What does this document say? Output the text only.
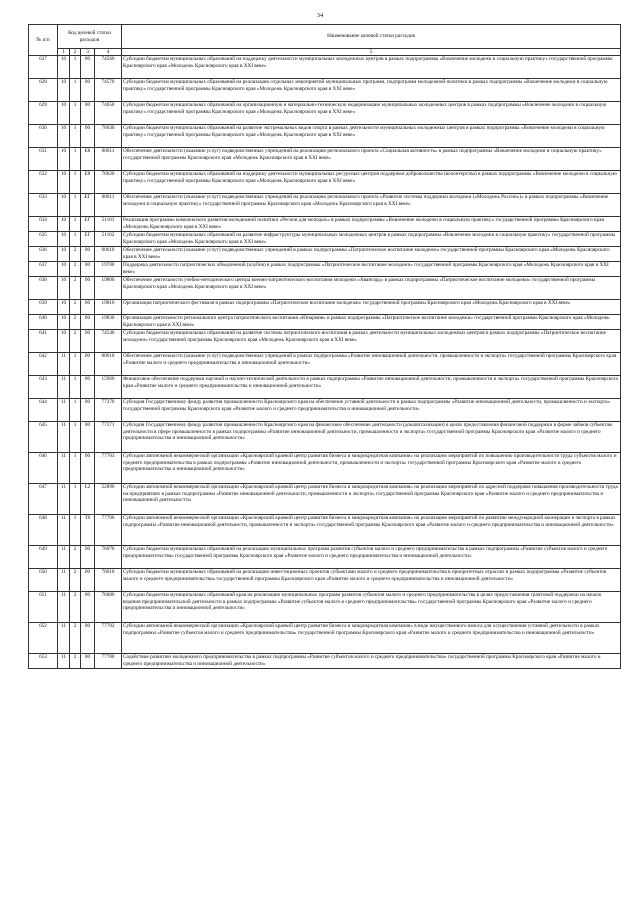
34
№ п/п	Код целевой статьи расходов				Наименование целевой статьи расходов
	1	2	3	4	5
627	10	1	00	74560	Субсидии бюджетам муниципальных образований на поддержку деятельности муниципальных молодежных центров в рамках подпрограммы «Вовлечение молодежи в социальную практику» государственной программы Красноярского края «Молодежь Красноярского края в XXI веке»
628	10	1	00	74570	Субсидии бюджетам муниципальных образований на реализацию отдельных мероприятий муниципальных программ, подпрограмм молодежной политики в рамках подпрограммы «Вовлечение молодежи в социальную практику» государственной программы Красноярского края «Молодежь Красноярского края в XXI веке»
629	10	1	00	74650	Субсидии бюджетам муниципальных образований на организационную и материально-техническую модернизацию муниципальных молодежных центров в рамках подпрограммы «Вовлечение молодежи в социальную практику» государственной программы Красноярского края «Молодежь Красноярского края в XXI веке»
630	10	1	00	76630	Субсидии бюджетам муниципальных образований на развитие экстремальных видов спорта в рамках деятельности муниципальных молодежных центров в рамках подпрограммы «Вовлечение молодежи в социальную практику» государственной программы Красноярского края «Молодежь Красноярского края в XXI веке»
631	10	1	E8	00611	Обеспечение деятельности (оказание услуг) подведомственных учреждений на реализацию регионального проекта «Социальная активность» в рамках подпрограммы «Вовлечение молодежи в социальную практику» государственной программы Красноярского края «Молодежь Красноярского края в XXI веке»
632	10	1	E8	76620	Субсидии бюджетам муниципальных образований на поддержку деятельности муниципальных ресурсных центров поддержки добровольчества (волонтерства) в рамках подпрограммы «Вовлечение молодежи в социальную практику» государственной программы Красноярского края «Молодежь Красноярского края в XXI веке»
633	10	1	EГ	00611	Обеспечение деятельности (оказание услуг) подведомственных учреждений на реализацию регионального проекта «Развитие системы поддержки молодежи («Молодежь России»)» в рамках подпрограммы «Вовлечение молодежи в социальную практику» государственной программы Красноярского края «Молодежь Красноярского края в XXI веке»
634	10	1	EГ	51161	Реализация программы комплексного развития молодежной политики «Регион для молодых» в рамках подпрограммы «Вовлечение молодежи в социальную практику» государственной программы Красноярского края «Молодежь Красноярского края в XXI веке»
635	10	1	EГ	51162	Субсидии бюджетам муниципальных образований на развитие инфраструктуры муниципальных молодежных центров в рамках подпрограммы «Вовлечение молодежи в социальную практику» государственной программы Красноярского края «Молодежь Красноярского края в XXI веке»
636	10	2	00	00610	Обеспечение деятельности (оказание услуг) подведомственных учреждений в рамках подпрограммы «Патриотическое воспитание молодежи» государственной программы Красноярского края «Молодежь Красноярского края в XXI веке»
637	10	2	00	19700	Поддержка деятельности патриотических объединений (клубов) в рамках подпрограммы «Патриотическое воспитание молодежи» государственной программы Красноярского края «Молодежь Красноярского края в XXI веке»
638	10	2	00	19800	Обеспечение деятельности учебно-методического центра военно-патриотического воспитания молодежи «Авангард» в рамках подпрограммы «Патриотическое воспитание молодежи» государственной программы Красноярского края «Молодежь Красноярского края в XXI веке»
639	10	2	00	19810	Организация патриотического фестиваля в рамках подпрограммы «Патриотическое воспитание молодежи» государственной программы Красноярского края «Молодежь Красноярского края в XXI веке»
640	10	2	00	19830	Организация деятельности регионального центра патриотического воспитания «Юнармия» в рамках подпрограммы «Патриотическое воспитание молодежи» государственной программы Красноярского края «Молодежь Красноярского края в XXI веке»
641	10	2	00	74540	Субсидии бюджетам муниципальных образований на развитие системы патриотического воспитания в рамках деятельности муниципальных молодежных центров в рамках подпрограммы «Патриотическое воспитание молодежи» государственной программы Красноярского края «Молодежь Красноярского края в XXI веке»
642	11	1	00	00610	Обеспечение деятельности (оказание услуг) подведомственных учреждений в рамках подпрограммы «Развитие инновационной деятельности, промышленности и экспорта» государственной программы Красноярского края «Развитие малого и среднего предпринимательства и инновационной деятельности»
643	11	1	00	15960	Финансовое обеспечение поддержки научной и научно-технической деятельности в рамках подпрограммы «Развитие инновационной деятельности, промышленности и экспорта» государственной программы Красноярского края «Развитие малого и среднего предпринимательства и инновационной деятельности»
644	11	1	00	77370	Субсидия Государственному фонду развития промышленности Красноярского края на обеспечение уставной деятельности в рамках подпрограммы «Развитие инновационной деятельности, промышленности и экспорта» государственной программы Красноярского края «Развитие малого и среднего предпринимательства и инновационной деятельности»
645	11	1	00	77371	Субсидия Государственному фонду развития промышленности Красноярского края на финансовое обеспечение деятельности (докапитализации) в целях предоставления финансовой поддержки в форме займов субъектам деятельности в сфере промышленности в рамках подпрограммы «Развитие инновационной деятельности, промышленности и экспорта» государственной программы Красноярского края «Развитие малого и среднего предпринимательства и инновационной деятельности»
646	11	1	00	77703	Субсидии автономной некоммерческой организации «Красноярский краевой центр развития бизнеса и микрокредитная компания» на реализацию мероприятий по повышению производительности труда субъектов малого и среднего предпринимательства в рамках подпрограммы «Развитие инновационной деятельности, промышленности и экспорта» государственной программы Красноярского края «Развитие малого и среднего предпринимательства и инновационной деятельности»
647	11	1	L2	52890	Субсидии автономной некоммерческой организации «Красноярский краевой центр развития бизнеса и микрокредитная компания» на реализацию мероприятий по адресной поддержке повышения производительности труда на предприятиях в рамках подпрограммы «Развитие инновационной деятельности, промышленности и экспорта» государственной программы Красноярского края «Развитие малого и среднего предпринимательства и инновационной деятельности»
648	11	1	T6	77706	Субсидии автономной некоммерческой организации «Красноярский краевой центр развития бизнеса и микрокредитная компания» на реализацию мероприятий по развитию международной кооперации и экспорта в рамках подпрограммы «Развитие инновационной деятельности, промышленности и экспорта» государственной программы Красноярского края «Развитие малого и среднего предпринимательства и инновационной деятельности»
649	11	2	00	76070	Субсидии бюджетам муниципальных образований на реализацию муниципальных программ развития субъектов малого и среднего предпринимательства в рамках подпрограммы «Развитие субъектов малого и среднего предпринимательства» государственной программы Красноярского края «Развитие малого и среднего предпринимательства и инновационной деятельности»
650	11	2	00	76610	Субсидии бюджетам муниципальных образований на реализацию инвестиционных проектов субъектами малого и среднего предпринимательства в приоритетных отраслях в рамках подпрограммы «Развитие субъектов малого и среднего предпринимательства» государственной программы Красноярского края «Развитие малого и среднего предпринимательства и инновационной деятельности»
651	11	2	00	76680	Субсидии бюджетам муниципальных образований края на реализацию муниципальных программ развития субъектов малого и среднего предпринимательства в целях предоставления грантовой поддержки на начало ведения предпринимательской деятельности в рамках подпрограммы «Развитие субъектов малого и среднего предпринимательства» государственной программы Красноярского края «Развитие малого и среднего предпринимательства и инновационной деятельности»
652	11	2	00	77702	Субсидии автономной некоммерческой организации «Красноярский краевой центр развития бизнеса и микрокредитная компания» в виде имущественного взноса для осуществления уставной деятельности в рамках подпрограммы «Развитие субъектов малого и среднего предпринимательства» государственной программы Красноярского края «Развитие малого и среднего предпринимательства и инновационной деятельности»
653	11	2	00	77780	Содействие развитию молодежного предпринимательства в рамках подпрограммы «Развитие субъектов малого и среднего предпринимательства» государственной программы Красноярского края «Развитие малого и среднего предпринимательства и инновационной деятельности»
